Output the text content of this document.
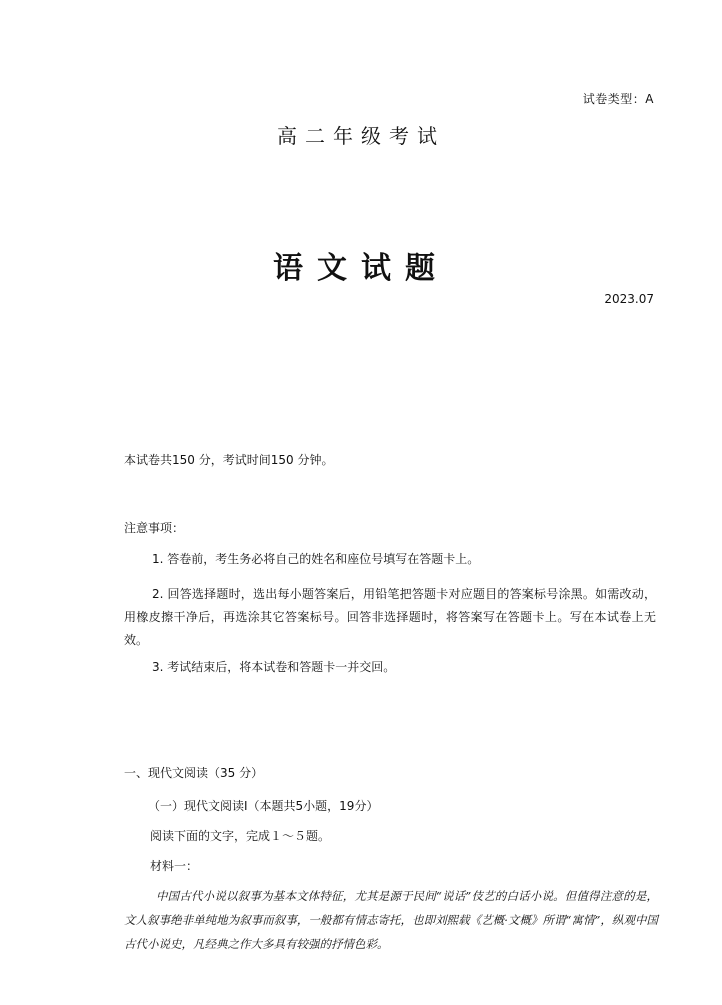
试卷类型：A
高二年级考试
语文试题
2023.07
本试卷共150 分，考试时间150 分钟。
注意事项：
1. 答卷前，考生务必将自己的姓名和座位号填写在答题卡上。
2. 回答选择题时，选出每小题答案后，用铅笔把答题卡对应题目的答案标号涂黑。如需改动，用橡皮擦干净后，再选涂其它答案标号。回答非选择题时，将答案写在答题卡上。写在本试卷上无效。
3. 考试结束后，将本试卷和答题卡一并交回。
一、现代文阅读（35 分）
（一）现代文阅读I（本题共5小题，19分）
阅读下面的文字，完成１～５题。
材料一：
中国古代小说以叙事为基本文体特征，尤其是源于民间“说话”伎艺的白话小说。但值得注意的是，文人叙事绝非单纯地为叙事而叙事，一般都有情志寄托，也即刘熙载《艺概·文概》所谓“寓情”，纵观中国古代小说史，凡经典之作大多具有较强的抒情色彩。
